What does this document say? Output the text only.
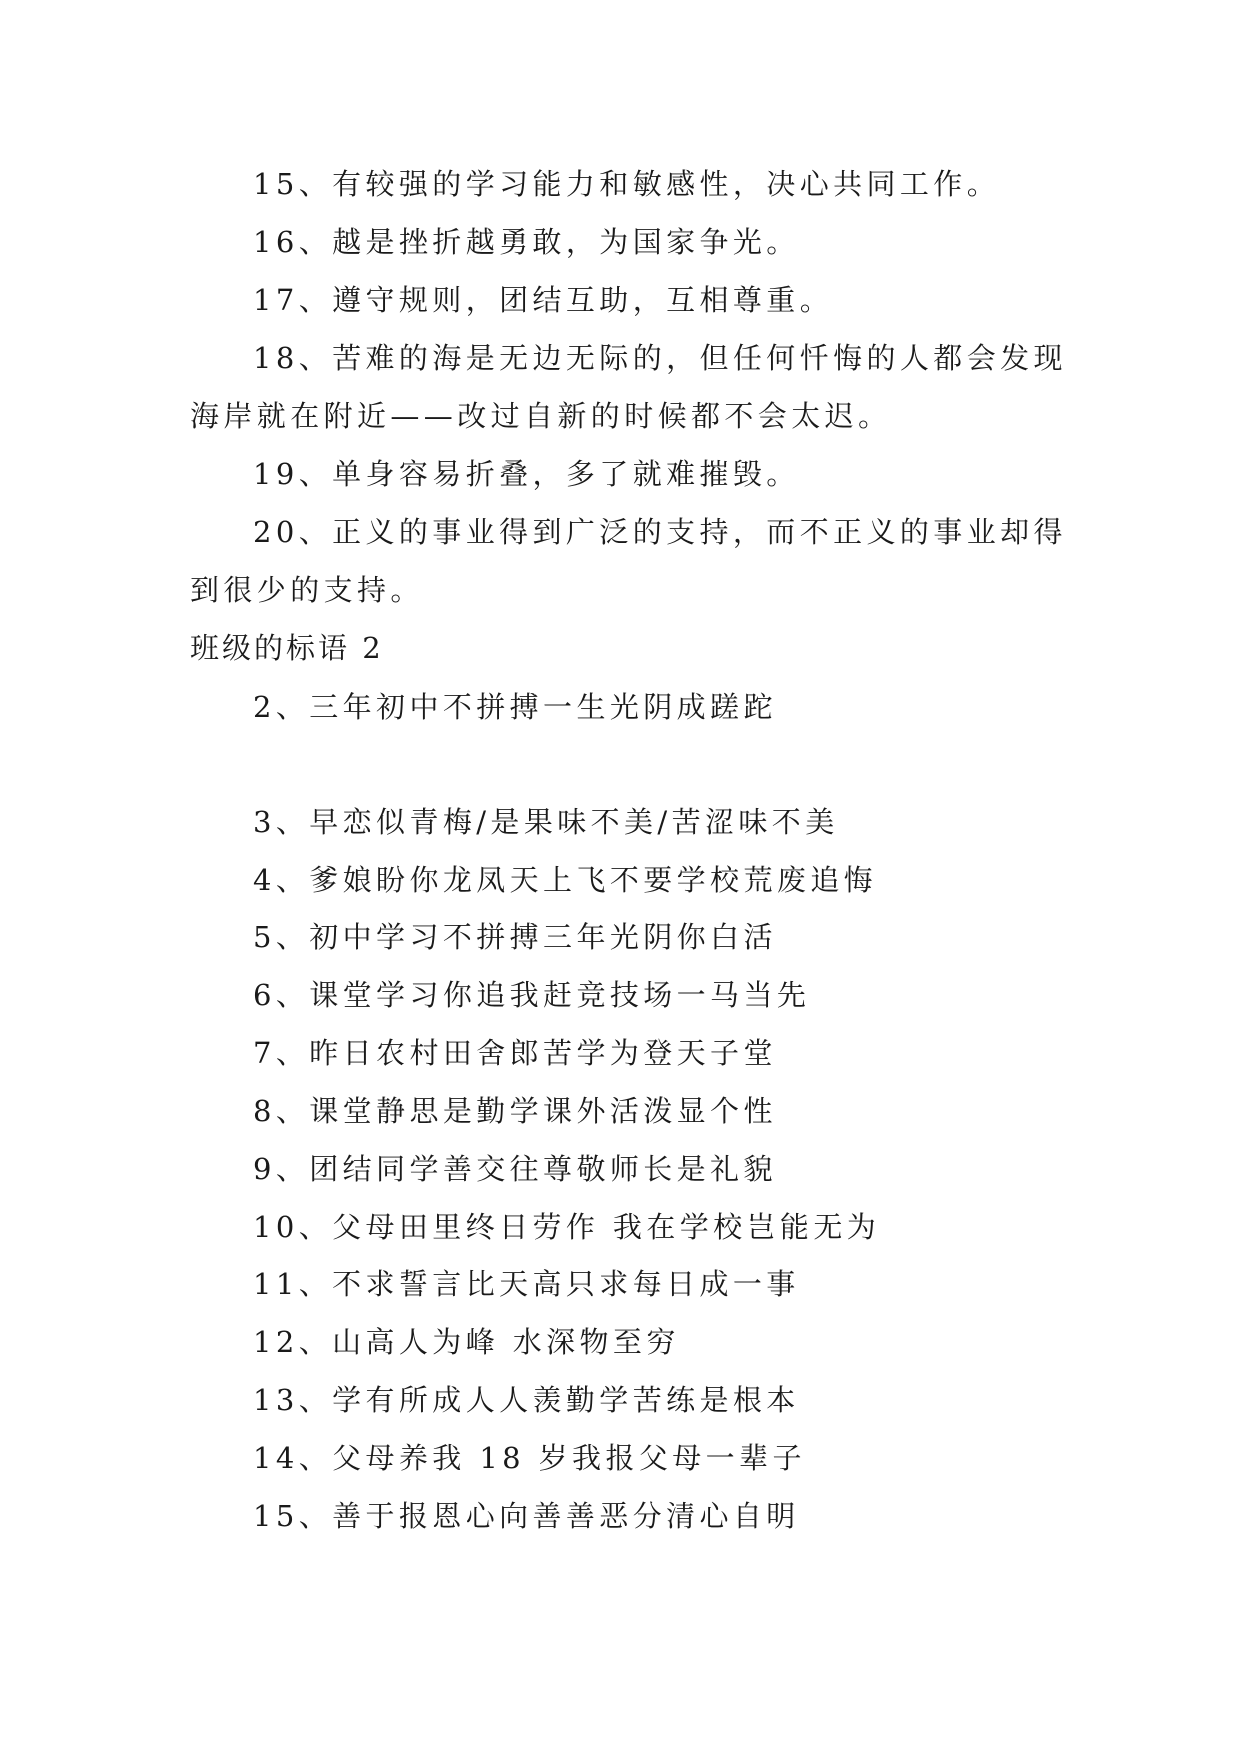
15、有较强的学习能力和敏感性，决心共同工作。
16、越是挫折越勇敢，为国家争光。
17、遵守规则，团结互助，互相尊重。
18、苦难的海是无边无际的，但任何忏悔的人都会发现
海岸就在附近——改过自新的时候都不会太迟。
19、单身容易折叠，多了就难摧毁。
20、正义的事业得到广泛的支持，而不正义的事业却得
到很少的支持。
班级的标语 2
2、三年初中不拼搏一生光阴成蹉跎
3、早恋似青梅/是果味不美/苦涩味不美
4、爹娘盼你龙凤天上飞不要学校荒废追悔
5、初中学习不拼搏三年光阴你白活
6、课堂学习你追我赶竞技场一马当先
7、昨日农村田舍郎苦学为登天子堂
8、课堂静思是勤学课外活泼显个性
9、团结同学善交往尊敬师长是礼貌
10、父母田里终日劳作 我在学校岂能无为
11、不求誓言比天高只求每日成一事
12、山高人为峰 水深物至穷
13、学有所成人人羡勤学苦练是根本
14、父母养我 18 岁我报父母一辈子
15、善于报恩心向善善恶分清心自明
